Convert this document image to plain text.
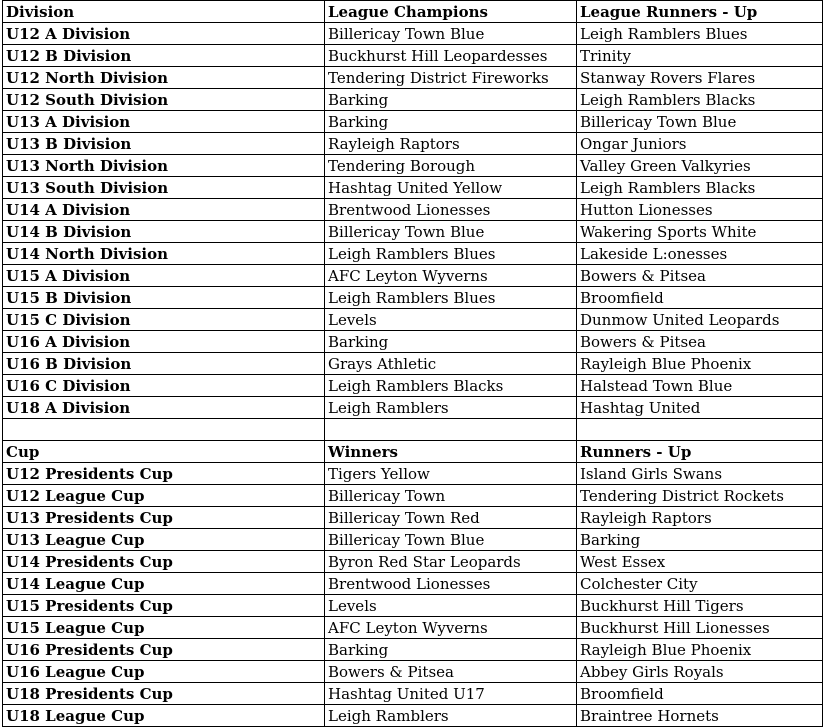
Division	League Champions	League Runners - Up
U12 A Division	Billericay Town Blue	Leigh Ramblers Blues
U12 B Division	Buckhurst Hill Leopardesses	Trinity
U12 North Division	Tendering District Fireworks	Stanway Rovers Flares
U12 South Division	Barking	Leigh Ramblers Blacks
U13 A Division	Barking	Billericay Town Blue
U13 B Division	Rayleigh Raptors	Ongar Juniors
U13 North Division	Tendering Borough	Valley Green Valkyries
U13 South Division	Hashtag United Yellow	Leigh Ramblers Blacks
U14 A Division	Brentwood Lionesses	Hutton Lionesses
U14 B Division	Billericay Town Blue	Wakering Sports White
U14 North Division	Leigh Ramblers Blues	Lakeside L:onesses
U15 A Division	AFC Leyton Wyverns	Bowers & Pitsea
U15 B Division	Leigh Ramblers Blues	Broomfield
U15 C Division	Levels	Dunmow United Leopards
U16 A Division	Barking	Bowers & Pitsea
U16 B Division	Grays Athletic	Rayleigh Blue Phoenix
U16 C Division	Leigh Ramblers Blacks	Halstead Town Blue
U18 A Division	Leigh Ramblers	Hashtag United

Cup	Winners	Runners - Up
U12 Presidents Cup	Tigers Yellow	Island Girls Swans
U12 League Cup	Billericay Town	Tendering District Rockets
U13 Presidents Cup	Billericay Town Red	Rayleigh Raptors
U13 League Cup	Billericay Town Blue	Barking
U14 Presidents Cup	Byron Red Star Leopards	West Essex
U14 League Cup	Brentwood Lionesses	Colchester City
U15 Presidents Cup	Levels	Buckhurst Hill Tigers
U15 League Cup	AFC Leyton Wyverns	Buckhurst Hill Lionesses
U16 Presidents Cup	Barking	Rayleigh Blue Phoenix
U16 League Cup	Bowers & Pitsea	Abbey Girls Royals
U18 Presidents Cup	Hashtag United U17	Broomfield
U18 League Cup	Leigh Ramblers	Braintree Hornets
